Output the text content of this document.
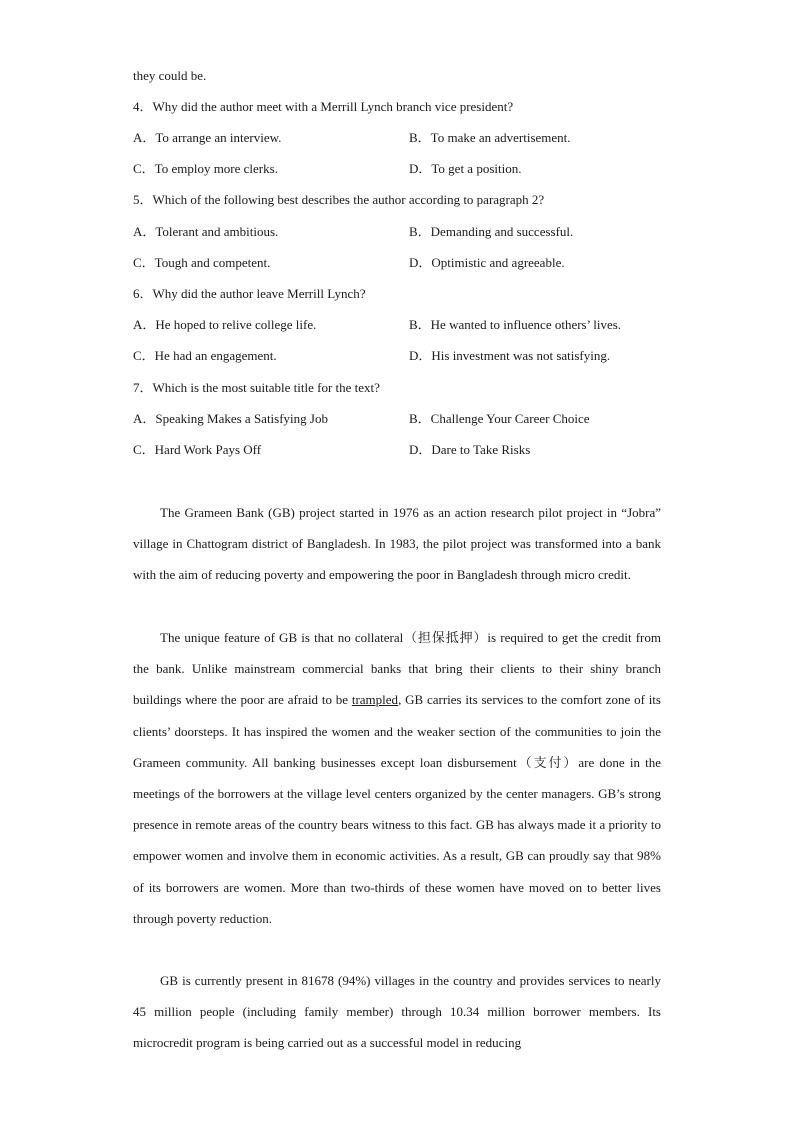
they could be.
4．Why did the author meet with a Merrill Lynch branch vice president?
A．To arrange an interview.	B．To make an advertisement.
C．To employ more clerks.	D．To get a position.
5．Which of the following best describes the author according to paragraph 2?
A．Tolerant and ambitious.	B．Demanding and successful.
C．Tough and competent.	D．Optimistic and agreeable.
6．Why did the author leave Merrill Lynch?
A．He hoped to relive college life.	B．He wanted to influence others’ lives.
C．He had an engagement.	D．His investment was not satisfying.
7．Which is the most suitable title for the text?
A．Speaking Makes a Satisfying Job	B．Challenge Your Career Choice
C．Hard Work Pays Off	D．Dare to Take Risks

The Grameen Bank (GB) project started in 1976 as an action research pilot project in “Jobra” village in Chattogram district of Bangladesh. In 1983, the pilot project was transformed into a bank with the aim of reducing poverty and empowering the poor in Bangladesh through micro credit.

The unique feature of GB is that no collateral（担保抵押）is required to get the credit from the bank. Unlike mainstream commercial banks that bring their clients to their shiny branch buildings where the poor are afraid to be trampled, GB carries its services to the comfort zone of its clients’ doorsteps. It has inspired the women and the weaker section of the communities to join the Grameen community. All banking businesses except loan disbursement（支付）are done in the meetings of the borrowers at the village level centers organized by the center managers. GB’s strong presence in remote areas of the country bears witness to this fact. GB has always made it a priority to empower women and involve them in economic activities. As a result, GB can proudly say that 98% of its borrowers are women. More than two-thirds of these women have moved on to better lives through poverty reduction.

GB is currently present in 81678 (94%) villages in the country and provides services to nearly 45 million people (including family member) through 10.34 million borrower members. Its microcredit program is being carried out as a successful model in reducing
